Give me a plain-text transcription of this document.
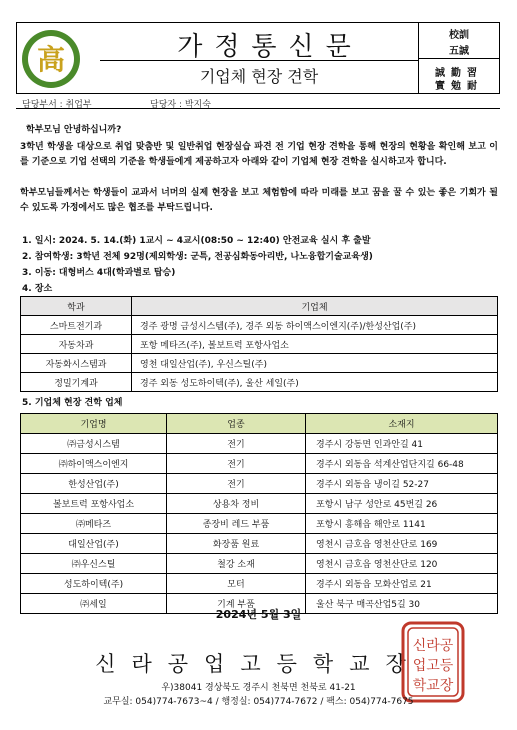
高	가정통신문
기업체 현장 견학
校訓
五誠
誠勤習
實勉耐
담당부서 : 취업부	담당자 : 박지숙
학부모님 안녕하십니까?
3학년 학생을 대상으로 취업 맞춤반 및 일반취업 현장실습 파견 전 기업 현장 견학을 통해 현장의 현황을 확인해 보고 이를 기준으로 기업 선택의 기준을 학생들에게 제공하고자 아래와 같이 기업체 현장 견학을 실시하고자 합니다.
학부모님들께서는 학생들이 교과서 너머의 실제 현장을 보고 체험함에 따라 미래를 보고 꿈을 꿀 수 있는 좋은 기회가 될 수 있도록 가정에서도 많은 협조를 부탁드립니다.
1. 일시: 2024. 5. 14.(화) 1교시 ~ 4교시(08:50 ~ 12:40) 안전교육 실시 후 출발
2. 참여학생: 3학년 전체 92명(제외학생: 군특, 전공심화동아리반, 나노융합기술교육생)
3. 이동: 대형버스 4대(학과별로 탑승)
4. 장소
학과	기업체
스마트전기과	경주 광명 금성시스템(주), 경주 외동 하이액스이엔지(주)/한성산업(주)
자동차과	포항 메타즈(주), 볼보트럭 포항사업소
자동화시스템과	영천 대일산업(주), 우신스틸(주)
정밀기계과	경주 외동 성도하이텍(주), 울산 세일(주)
5. 기업체 현장 견학 업체
기업명	업종	소재지
㈜금성시스템	전기	경주시 강동면 인과안길 41
㈜하이액스이엔지	전기	경주시 외동읍 석계산업단지길 66-48
한성산업(주)	전기	경주시 외동읍 냉이길 52-27
볼보트럭 포항사업소	상용차 정비	포항시 남구 성안로 45번길 26
㈜메타즈	종장비 레드 부품	포항시 흥해읍 해안로 1141
대일산업(주)	화장품 원료	영천시 금호읍 영천산단로 169
㈜우신스틸	철강 소재	영천시 금호읍 영천산단로 120
성도하이텍(주)	모터	경주시 외동읍 모화산업로 21
㈜세일	기계 부품	울산 북구 매곡산업5길 30
2024년 5월 3일
신라공업고등학교장
신라공
업고등
학교장
우)38041 경상북도 경주시 천북면 천북로 41-21
교무실: 054)774-7673~4 / 행정실: 054)774-7672 / 팩스: 054)774-7675
